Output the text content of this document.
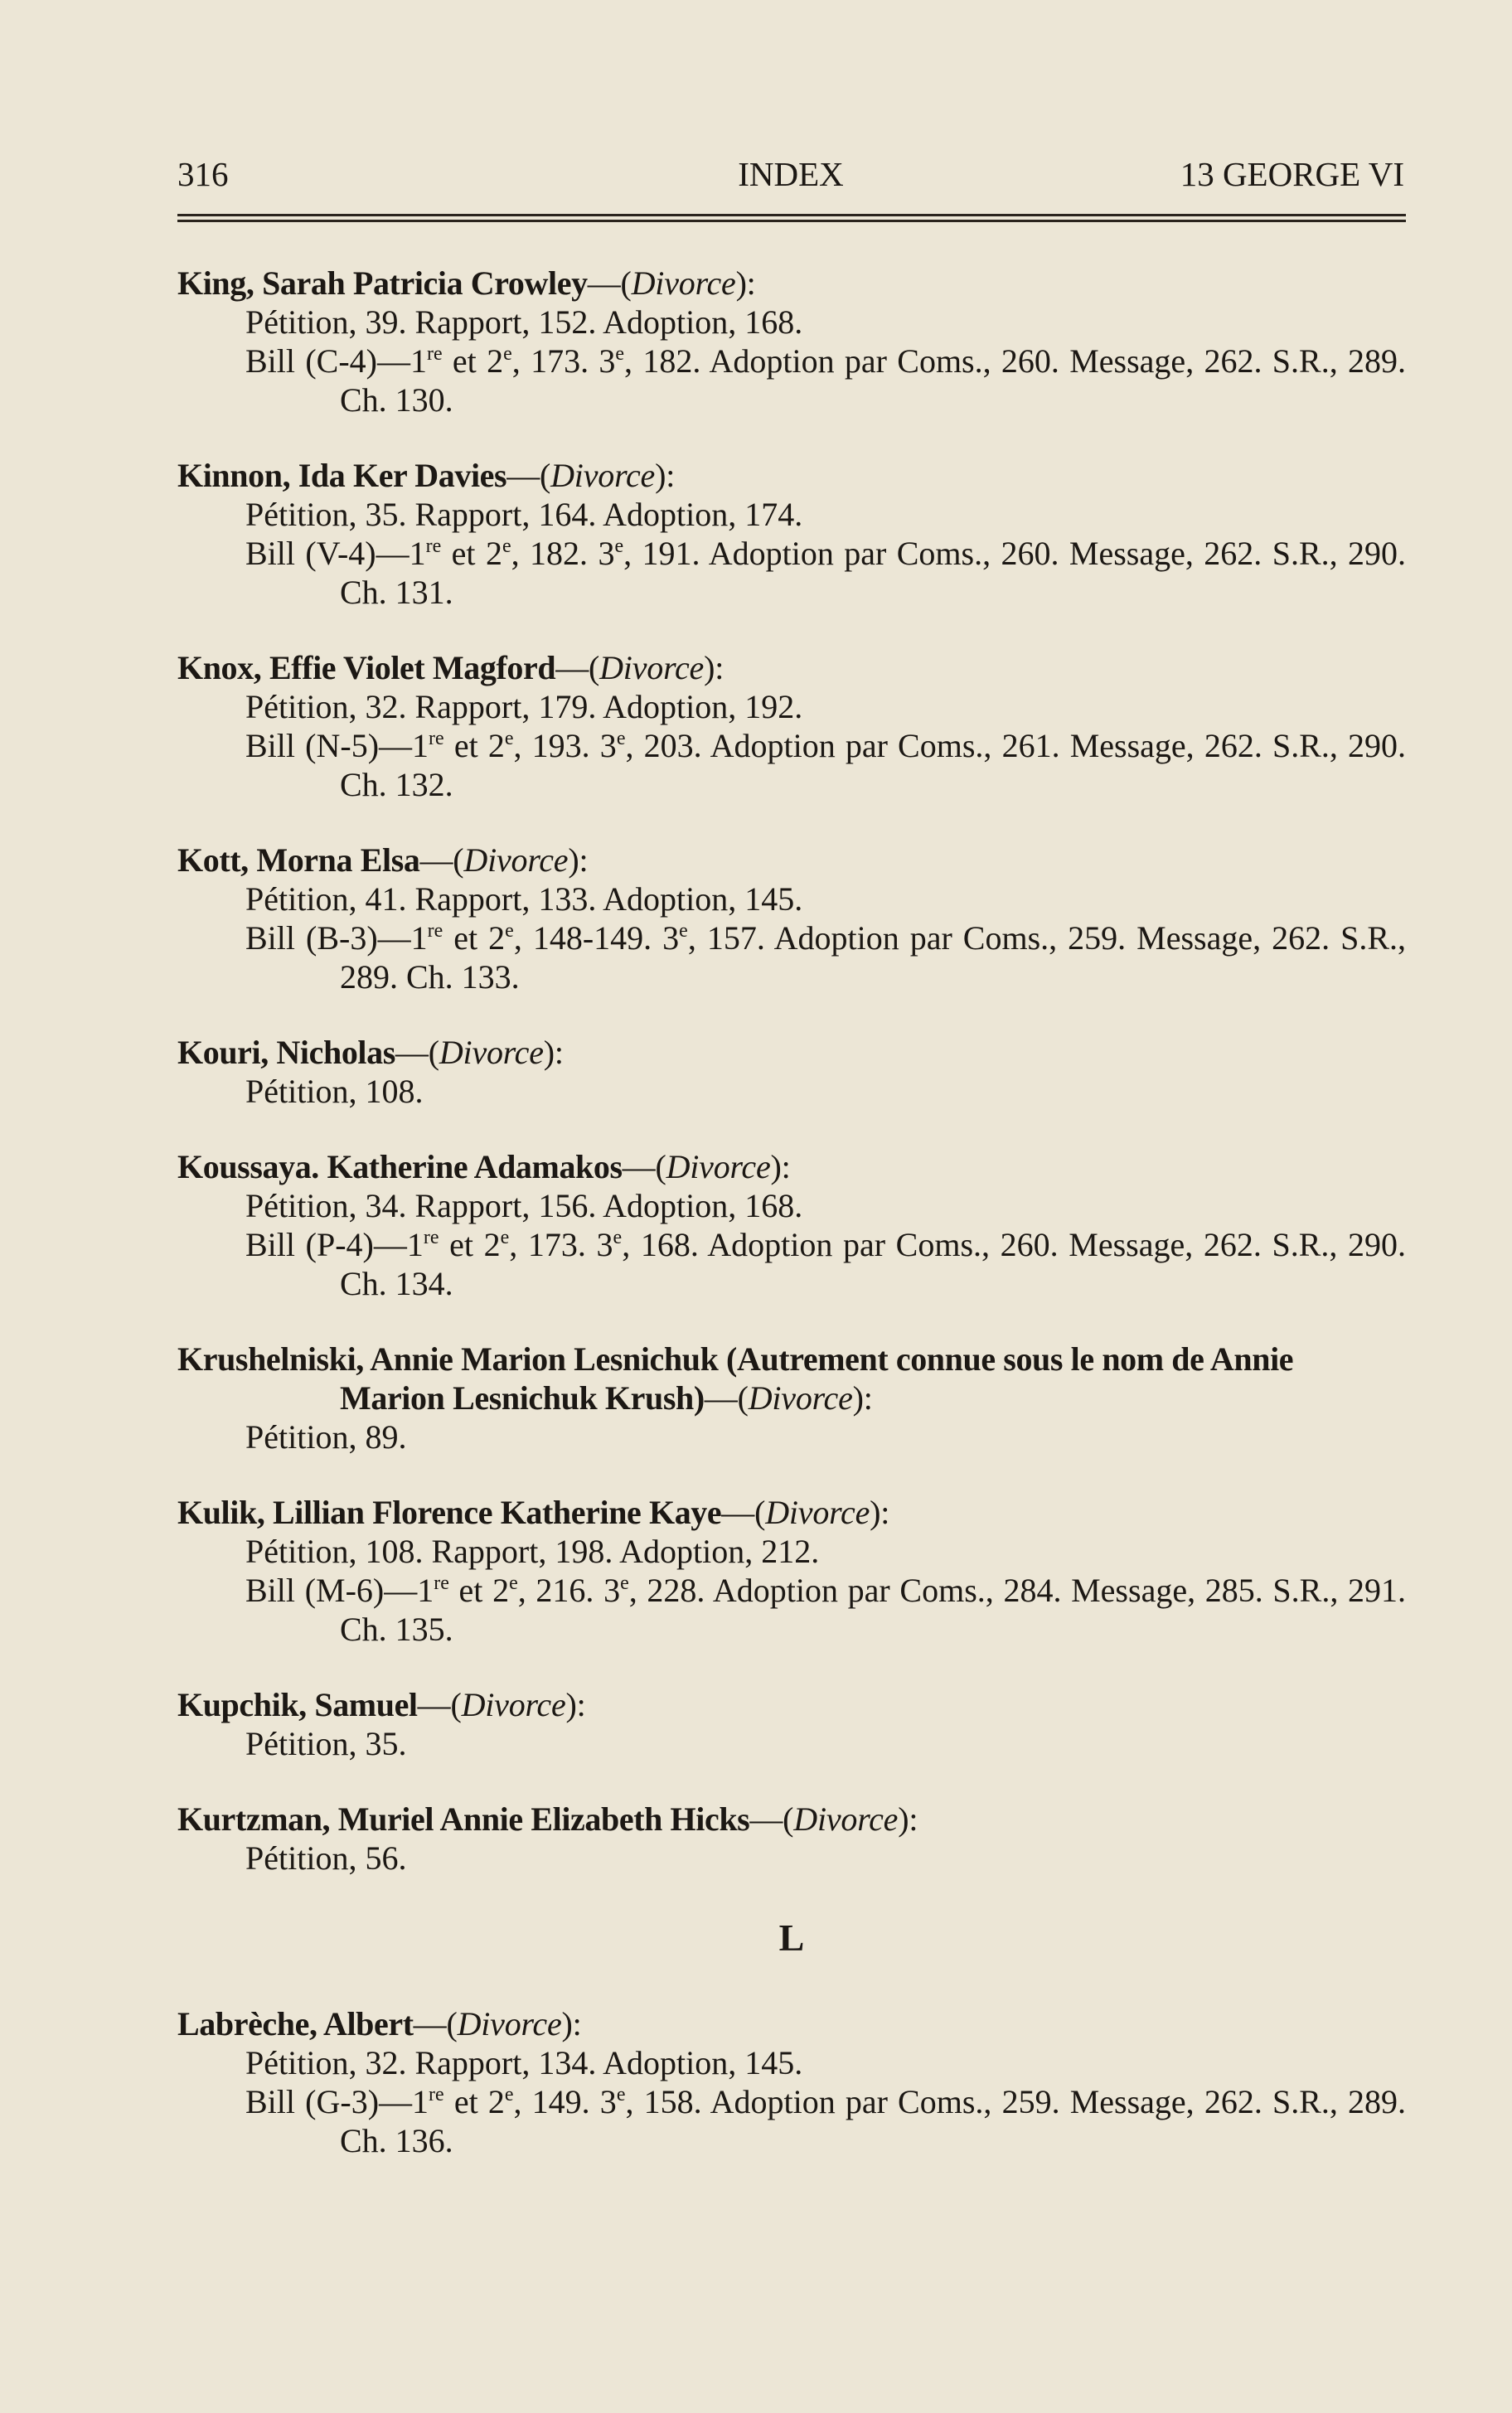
316	INDEX	13 GEORGE VI
King, Sarah Patricia Crowley—(Divorce):
Pétition, 39. Rapport, 152. Adoption, 168.
Bill (C-4)—1re et 2e, 173. 3e, 182. Adoption par Coms., 260. Message, 262. S.R., 289. Ch. 130.
Kinnon, Ida Ker Davies—(Divorce):
Pétition, 35. Rapport, 164. Adoption, 174.
Bill (V-4)—1re et 2e, 182. 3e, 191. Adoption par Coms., 260. Message, 262. S.R., 290. Ch. 131.
Knox, Effie Violet Magford—(Divorce):
Pétition, 32. Rapport, 179. Adoption, 192.
Bill (N-5)—1re et 2e, 193. 3e, 203. Adoption par Coms., 261. Message, 262. S.R., 290. Ch. 132.
Kott, Morna Elsa—(Divorce):
Pétition, 41. Rapport, 133. Adoption, 145.
Bill (B-3)—1re et 2e, 148-149. 3e, 157. Adoption par Coms., 259. Message, 262. S.R., 289. Ch. 133.
Kouri, Nicholas—(Divorce):
Pétition, 108.
Koussaya. Katherine Adamakos—(Divorce):
Pétition, 34. Rapport, 156. Adoption, 168.
Bill (P-4)—1re et 2e, 173. 3e, 168. Adoption par Coms., 260. Message, 262. S.R., 290. Ch. 134.
Krushelniski, Annie Marion Lesnichuk (Autrement connue sous le nom de Annie Marion Lesnichuk Krush)—(Divorce):
Pétition, 89.
Kulik, Lillian Florence Katherine Kaye—(Divorce):
Pétition, 108. Rapport, 198. Adoption, 212.
Bill (M-6)—1re et 2e, 216. 3e, 228. Adoption par Coms., 284. Message, 285. S.R., 291. Ch. 135.
Kupchik, Samuel—(Divorce):
Pétition, 35.
Kurtzman, Muriel Annie Elizabeth Hicks—(Divorce):
Pétition, 56.
L
Labrèche, Albert—(Divorce):
Pétition, 32. Rapport, 134. Adoption, 145.
Bill (G-3)—1re et 2e, 149. 3e, 158. Adoption par Coms., 259. Message, 262. S.R., 289. Ch. 136.
